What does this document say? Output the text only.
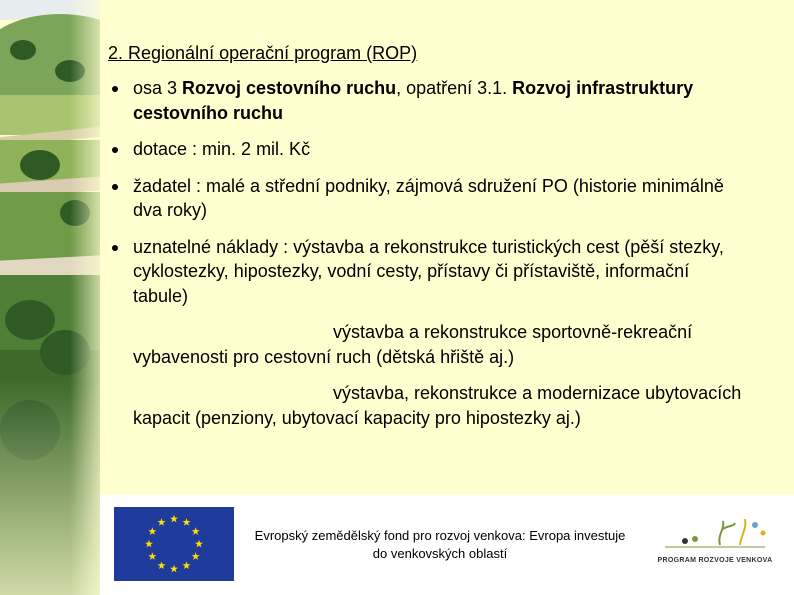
2. Regionální operační program (ROP)
osa 3 Rozvoj cestovního ruchu, opatření 3.1. Rozvoj infrastruktury cestovního ruchu
dotace : min. 2 mil. Kč
žadatel : malé a střední podniky, zájmová sdružení PO (historie minimálně dva roky)
uznatelné náklady : výstavba a rekonstrukce turistických cest (pěší stezky, cyklostezky, hipostezky, vodní cesty, přístavy či přístaviště, informační tabule)
výstavba a rekonstrukce sportovně-rekreační vybavenosti pro cestovní ruch (dětská hřiště aj.)
výstavba, rekonstrukce a modernizace ubytovacích kapacit (penziony, ubytovací kapacity pro hipostezky aj.)
Evropský zemědělský fond pro rozvoj venkova: Evropa investuje do venkovských oblastí	PROGRAM ROZVOJE VENKOVA
